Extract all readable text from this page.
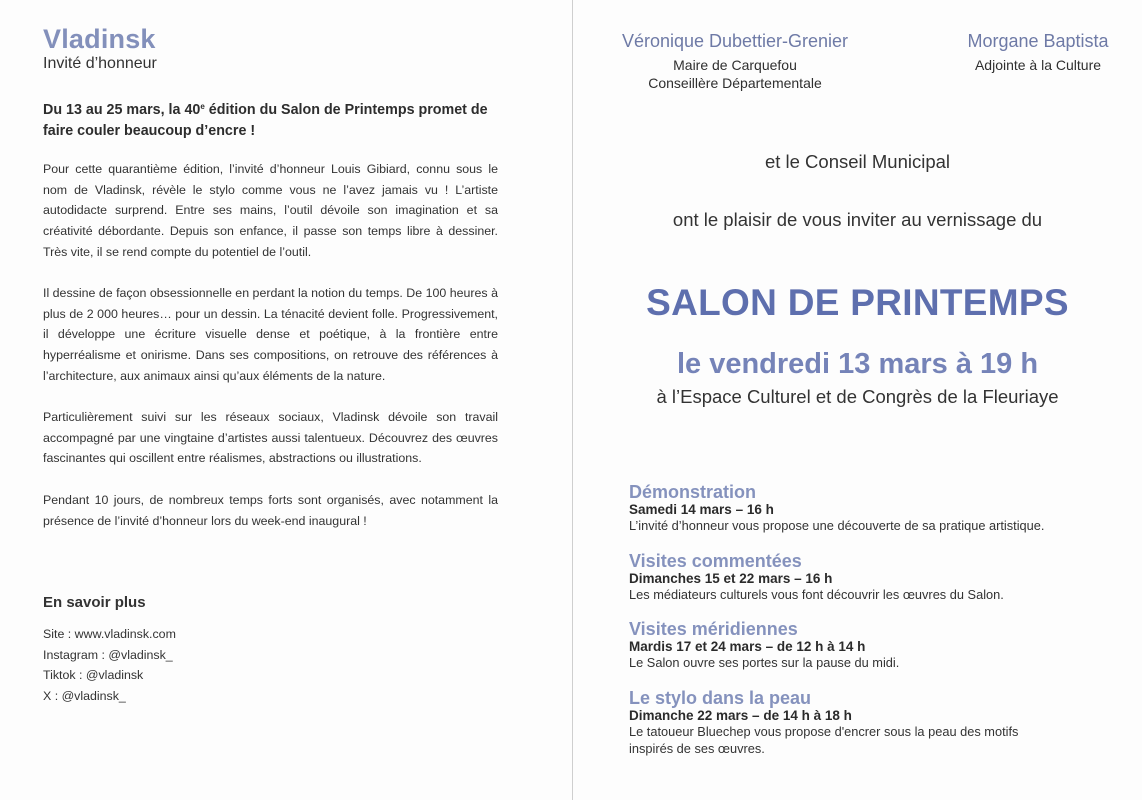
Vladinsk
Invité d’honneur

Du 13 au 25 mars, la 40e édition du Salon de Printemps promet de faire couler beaucoup d’encre !

Pour cette quarantième édition, l’invité d’honneur Louis Gibiard, connu sous le nom de Vladinsk, révèle le stylo comme vous ne l’avez jamais vu ! L’artiste autodidacte surprend. Entre ses mains, l’outil dévoile son imagination et sa créativité débordante. Depuis son enfance, il passe son temps libre à dessiner. Très vite, il se rend compte du potentiel de l’outil.

Il dessine de façon obsessionnelle en perdant la notion du temps. De 100 heures à plus de 2 000 heures… pour un dessin. La ténacité devient folle. Progressivement, il développe une écriture visuelle dense et poétique, à la frontière entre hyperréalisme et onirisme. Dans ses compositions, on retrouve des références à l’architecture, aux animaux ainsi qu’aux éléments de la nature.

Particulièrement suivi sur les réseaux sociaux, Vladinsk dévoile son travail accompagné par une vingtaine d’artistes aussi talentueux. Découvrez des œuvres fascinantes qui oscillent entre réalismes, abstractions ou illustrations.

Pendant 10 jours, de nombreux temps forts sont organisés, avec notamment la présence de l’invité d’honneur lors du week-end inaugural !

En savoir plus
Site : www.vladinsk.com
Instagram : @vladinsk_
Tiktok : @vladinsk
X : @vladinsk_
Véronique Dubettier-Grenier
Maire de Carquefou
Conseillère Départementale
Morgane Baptista
Adjointe à la Culture
et le Conseil Municipal
ont le plaisir de vous inviter au vernissage du
SALON DE PRINTEMPS
le vendredi 13 mars à 19 h
à l’Espace Culturel et de Congrès de la Fleuriaye
Démonstration
Samedi 14 mars – 16 h
L’invité d’honneur vous propose une découverte de sa pratique artistique.
Visites commentées
Dimanches 15 et 22 mars – 16 h
Les médiateurs culturels vous font découvrir les œuvres du Salon.
Visites méridiennes
Mardis 17 et 24 mars – de 12 h à 14 h
Le Salon ouvre ses portes sur la pause du midi.
Le stylo dans la peau
Dimanche 22 mars – de 14 h à 18 h
Le tatoueur Bluechep vous propose d'encrer sous la peau des motifs inspirés de ses œuvres.
